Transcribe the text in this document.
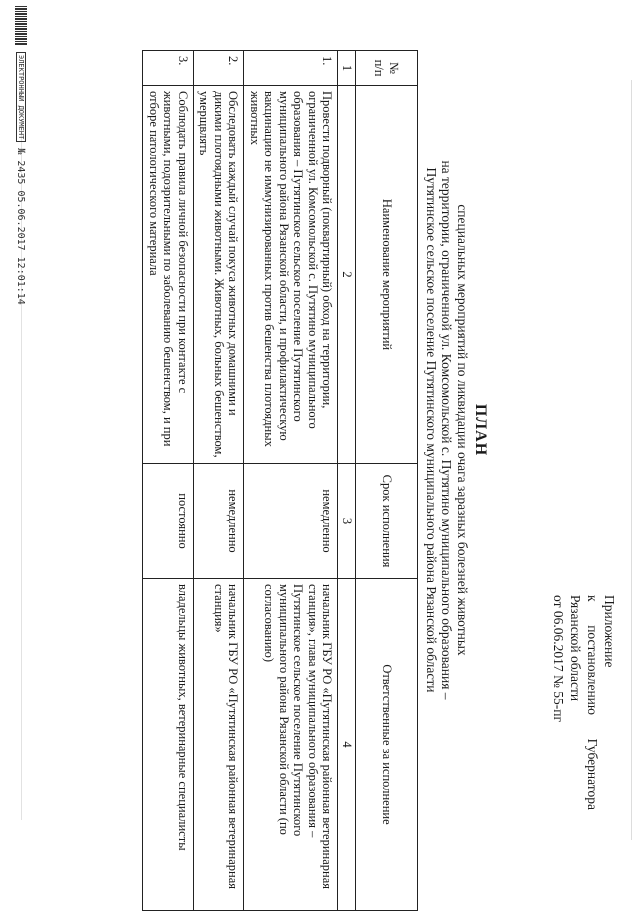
Приложение
к
постановлению
Губернатора
Рязанской области
от 06.06.2017 № 55-пг
ПЛАН
специальных мероприятий по ликвидации очага заразных болезней животных
на территории, ограниченной ул. Комсомольской с. Путятино муниципального образования –
Путятинское сельское поселение Путятинского муниципального района Рязанской области
№ п/п	Наименование мероприятий	Срок исполнения	Ответственные за исполнение
1	2	3	4
1.	Провести подворный (поквартирный) обход на территории, ограниченной ул. Комсомольской с. Путятино муниципального образования – Путятинское сельское поселение Путятинского муниципального района Рязанской области, и профилактическую вакцинацию не иммунизированных против бешенства плотоядных животных	немедленно	начальник ГБУ РО «Путятинская районная ветеринарная станция», глава муниципального образования – Путятинское сельское поселение Путятинского муниципального района Рязанской области (по согласованию)
2.	Обследовать каждый случай покуса животных домашними и дикими плотоядными животными. Животных, больных бешенством, умерщвлять	немедленно	начальник ГБУ РО «Путятинская районная ветеринарная станция»
3.	Соблюдать правила личной безопасности при контакте с животными, подозрительными по заболеванию бешенством, и при отборе патологического материала	постоянно	владельцы животных, ветеринарные специалисты
ЭЛЕКТРОННЫЙ ДОКУМЕНТ№ 2435 05.06.2017 12:01:14
